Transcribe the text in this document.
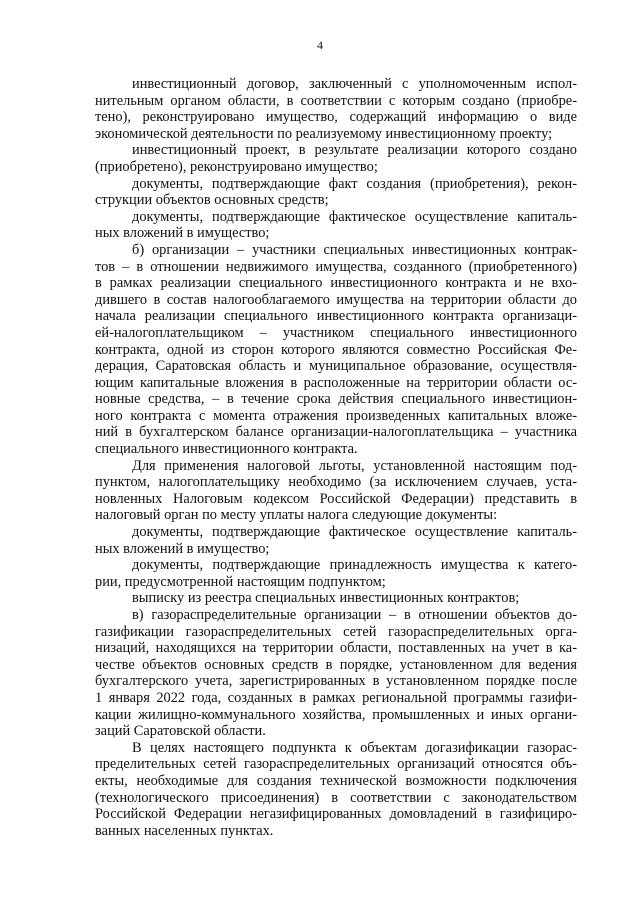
4
инвестиционный договор, заключенный с уполномоченным испол-
нительным органом области, в соответствии с которым создано (приобре-
тено), реконструировано имущество, содержащий информацию о виде
экономической деятельности по реализуемому инвестиционному проекту;
инвестиционный проект, в результате реализации которого создано
(приобретено), реконструировано имущество;
документы, подтверждающие факт создания (приобретения), рекон-
струкции объектов основных средств;
документы, подтверждающие фактическое осуществление капиталь-
ных вложений в имущество;
б) организации – участники специальных инвестиционных контрак-
тов – в отношении недвижимого имущества, созданного (приобретенного)
в рамках реализации специального инвестиционного контракта и не вхо-
дившего в состав налогооблагаемого имущества на территории области до
начала реализации специального инвестиционного контракта организаци-
ей-налогоплательщиком – участником специального инвестиционного
контракта, одной из сторон которого являются совместно Российская Фе-
дерация, Саратовская область и муниципальное образование, осуществля-
ющим капитальные вложения в расположенные на территории области ос-
новные средства, – в течение срока действия специального инвестицион-
ного контракта с момента отражения произведенных капитальных вложе-
ний в бухгалтерском балансе организации-налогоплательщика – участника
специального инвестиционного контракта.
Для применения налоговой льготы, установленной настоящим под-
пунктом, налогоплательщику необходимо (за исключением случаев, уста-
новленных Налоговым кодексом Российской Федерации) представить в
налоговый орган по месту уплаты налога следующие документы:
документы, подтверждающие фактическое осуществление капиталь-
ных вложений в имущество;
документы, подтверждающие принадлежность имущества к катего-
рии, предусмотренной настоящим подпунктом;
выписку из реестра специальных инвестиционных контрактов;
в) газораспределительные организации – в отношении объектов до-
газификации газораспределительных сетей газораспределительных орга-
низаций, находящихся на территории области, поставленных на учет в ка-
честве объектов основных средств в порядке, установленном для ведения
бухгалтерского учета, зарегистрированных в установленном порядке после
1 января 2022 года, созданных в рамках региональной программы газифи-
кации жилищно-коммунального хозяйства, промышленных и иных органи-
заций Саратовской области.
В целях настоящего подпункта к объектам догазификации газорас-
пределительных сетей газораспределительных организаций относятся объ-
екты, необходимые для создания технической возможности подключения
(технологического присоединения) в соответствии с законодательством
Российской Федерации негазифицированных домовладений в газифициро-
ванных населенных пунктах.
